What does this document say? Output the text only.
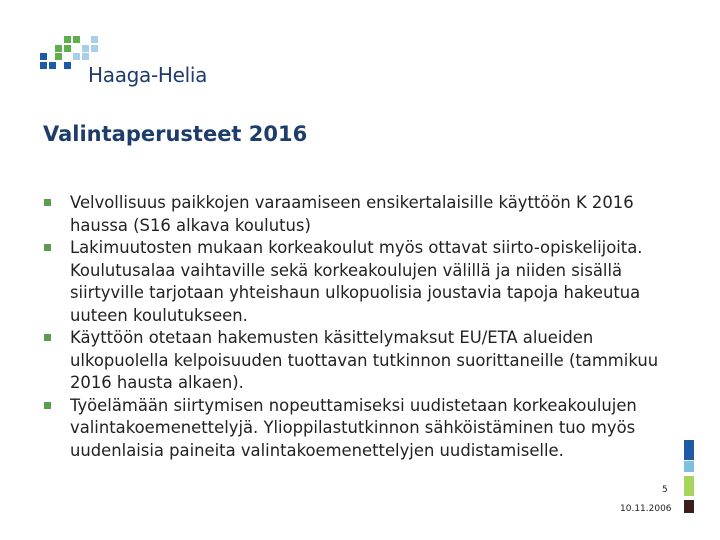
Haaga-Helia
Valintaperusteet 2016
Velvollisuus paikkojen varaamiseen ensikertalaisille käyttöön K 2016 haussa (S16 alkava koulutus)
Lakimuutosten mukaan korkeakoulut myös ottavat siirto-opiskelijoita. Koulutusalaa vaihtaville sekä korkeakoulujen välillä ja niiden sisällä siirtyville tarjotaan yhteishaun ulkopuolisia joustavia tapoja hakeutua uuteen koulutukseen.
Käyttöön otetaan hakemusten käsittelymaksut EU/ETA alueiden ulkopuolella kelpoisuuden tuottavan tutkinnon suorittaneille (tammikuu 2016 hausta alkaen).
Työelämään siirtymisen nopeuttamiseksi uudistetaan korkeakoulujen valintakoemenettelyjä. Ylioppilastutkinnon sähköistäminen tuo myös uudenlaisia paineita valintakoemenettelyjen uudistamiselle.
5
10.11.2006
